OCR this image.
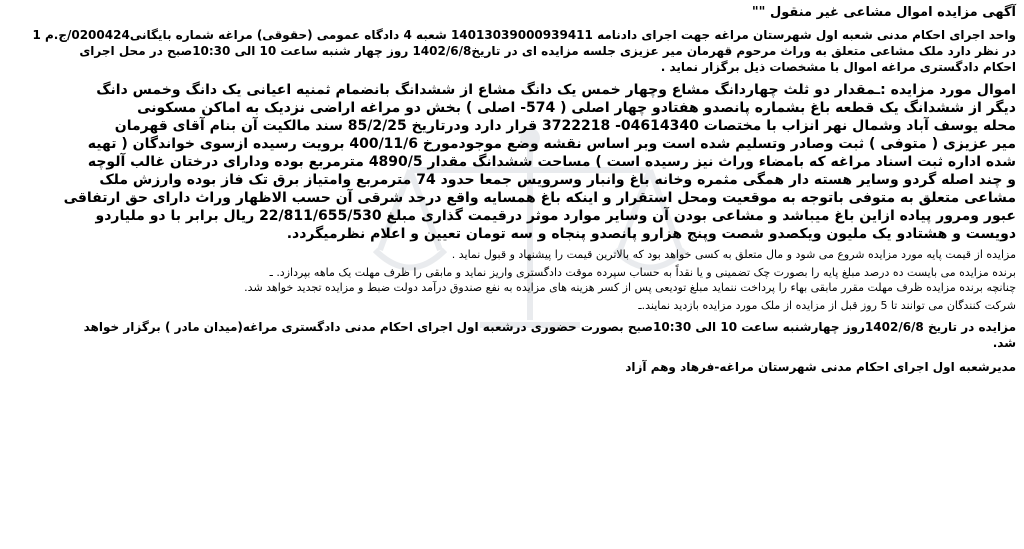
آگهی مزایده اموال مشاعی غیر منقول ""
واحد اجرای احکام مدنی شعبه اول شهرستان مراغه جهت اجرای دادنامه 14013039000939411 شعبه 4 دادگاه عمومی (حقوقی) مراغه شماره بایگانی0200424/ج.م 1
در نظر دارد ملک مشاعی متعلق به وراث مرحوم قهرمان میر عزیزی جلسه مزایده ای در تاریخ1402/6/8 روز چهار شنبه ساعت 10 الی 10:30صبح در محل اجرای
احکام دادگستری مراغه اموال با مشخصات ذیل برگزار نماید .
اموال مورد مزایده :ـمقدار دو ثلث چهاردانگ مشاع وچهار خمس یک دانگ مشاع از ششدانگ بانضمام ثمنیه اعیانی یک دانگ وخمس دانگ
دیگر از ششدانگ یک قطعه باغ بشماره پانصدو هفتادو چهار اصلی ( 574- اصلی ) بخش دو مراغه اراضی نزدیک به اماکن مسکونی
محله یوسف آباد وشمال نهر انزاب با مختصات 04614340- 3722218 قرار دارد ودرتاریخ 85/2/25 سند مالکیت آن بنام آقای قهرمان
میر عزیزی ( متوفی ) ثبت وصادر وتسلیم شده است وبر اساس نقشه وضع موجودمورخ 400/11/6 برویت رسیده ازسوی خواندگان ( تهیه
شده اداره ثبت اسناد مراغه که بامضاء وراث نیز رسیده است ) مساحت ششدانگ مقدار 4890/5 مترمربع بوده ودارای درختان غالب آلوچه
و چند اصله گردو وسایر هسته دار همگی مثمره وخانه باغ وانبار وسرویس جمعا حدود 74 مترمربع وامتیاز برق تک فاز بوده وارزش ملک
مشاعی متعلق به متوفی باتوجه به موقعیت ومحل استقرار و اینکه باغ همسایه واقع درحد شرقی آن حسب الاظهار وراث دارای حق ارتفاقی
عبور ومرور پیاده ازاین باغ میباشد و مشاعی بودن آن وسایر موارد موثر درقیمت گذاری مبلغ 22/811/655/530 ریال برابر با دو ملیاردو
دویست و هشتادو یک ملیون ویکصدو شصت وپنج هزارو پانصدو پنجاه و سه تومان تعیین و اعلام نظرمیگردد.
مزایده از قیمت پایه مورد مزایده شروع می شود و مال متعلق به کسی خواهد بود که بالاترین قیمت را پیشنهاد و قبول نماید .
برنده مزایده می بایست ده درصد مبلغ پایه را بصورت چک تضمینی و یا نقداً به حساب سپرده موقت دادگستری واریز نماید و مابقی را ظرف مهلت یک ماهه بپردازد. ـ
چنانچه برنده مزایده ظرف مهلت مقرر مابقی بهاء را پرداخت ننماید مبلغ تودیعی پس از کسر هزینه های مزایده به نفع صندوق درآمد دولت ضبط و مزایده تجدید خواهد شد.
شرکت کنندگان می توانند تا 5 روز قبل از مزایده از ملک مورد مزایده بازدید نمایند.ـ
مزایده در تاریخ 1402/6/8روز چهارشنبه ساعت 10 الی 10:30صبح بصورت حضوری درشعبه اول اجرای احکام مدنی دادگستری مراغه(میدان مادر ) برگزار خواهد
شد.
مدیرشعبه اول اجرای احکام مدنی شهرستان مراغه-فرهاد وهم آزاد
